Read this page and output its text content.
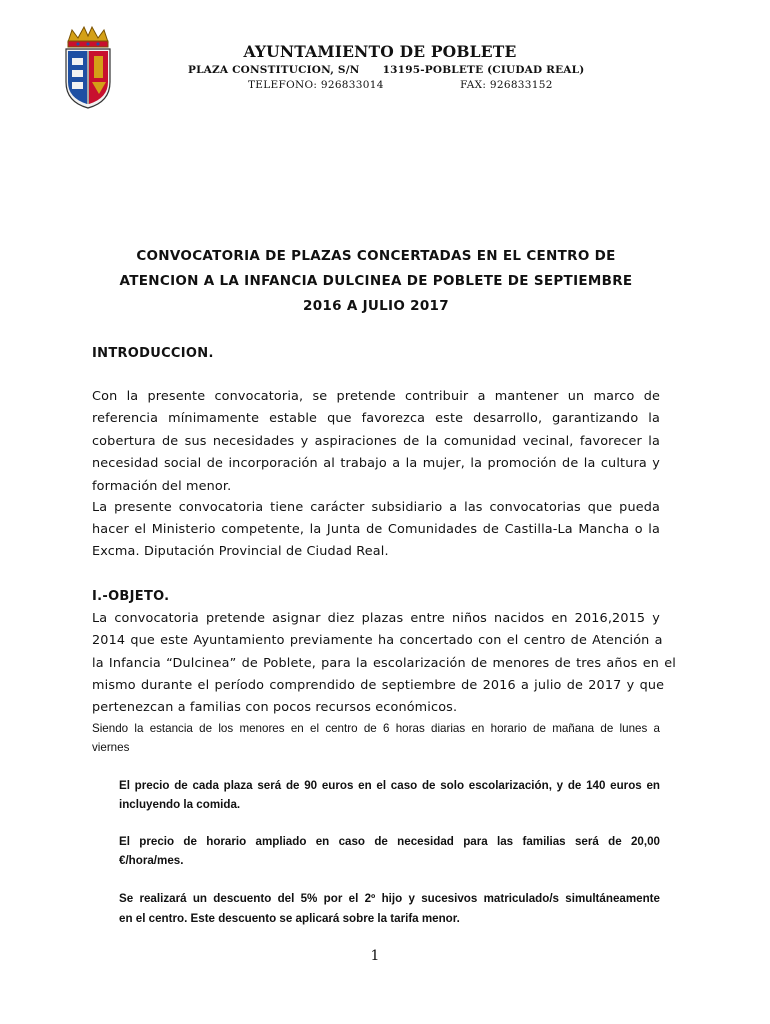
AYUNTAMIENTO DE POBLETE
PLAZA CONSTITUCION, S/N      13195-POBLETE (CIUDAD REAL)
TELEFONO: 926833014                     FAX: 926833152
CONVOCATORIA DE PLAZAS CONCERTADAS EN EL CENTRO DE
ATENCION A LA INFANCIA DULCINEA DE POBLETE DE SEPTIEMBRE
2016 A JULIO 2017
INTRODUCCION.
Con la presente convocatoria, se pretende contribuir a mantener un marco de
referencia mínimamente estable que favorezca este desarrollo, garantizando la
cobertura de sus necesidades y aspiraciones de la comunidad vecinal, favorecer la
necesidad social de incorporación al trabajo a la mujer, la promoción de la cultura y
formación del menor.
La presente convocatoria tiene carácter subsidiario a las convocatorias que pueda
hacer el Ministerio competente, la Junta de Comunidades de Castilla-La Mancha o la
Excma. Diputación Provincial de Ciudad Real.
I.-OBJETO.
La convocatoria pretende asignar diez plazas entre niños nacidos en 2016,2015 y
2014 que este Ayuntamiento previamente ha concertado con el centro de Atención a
la Infancia “Dulcinea” de Poblete, para la escolarización de menores de tres años en el
mismo durante el período comprendido de septiembre de 2016 a julio de 2017 y que
pertenezcan a familias con pocos recursos económicos.
Siendo la estancia de los menores en el centro de 6 horas diarias en horario de mañana de lunes a
viernes
El precio de cada plaza será de 90 euros en el caso de solo escolarización, y de 140 euros en
incluyendo la comida.
El precio de horario ampliado en caso de necesidad para las familias será de 20,00
€/hora/mes.
Se realizará un descuento del 5% por el 2º hijo y sucesivos matriculado/s simultáneamente
en el centro. Este descuento se aplicará sobre la tarifa menor.
1
